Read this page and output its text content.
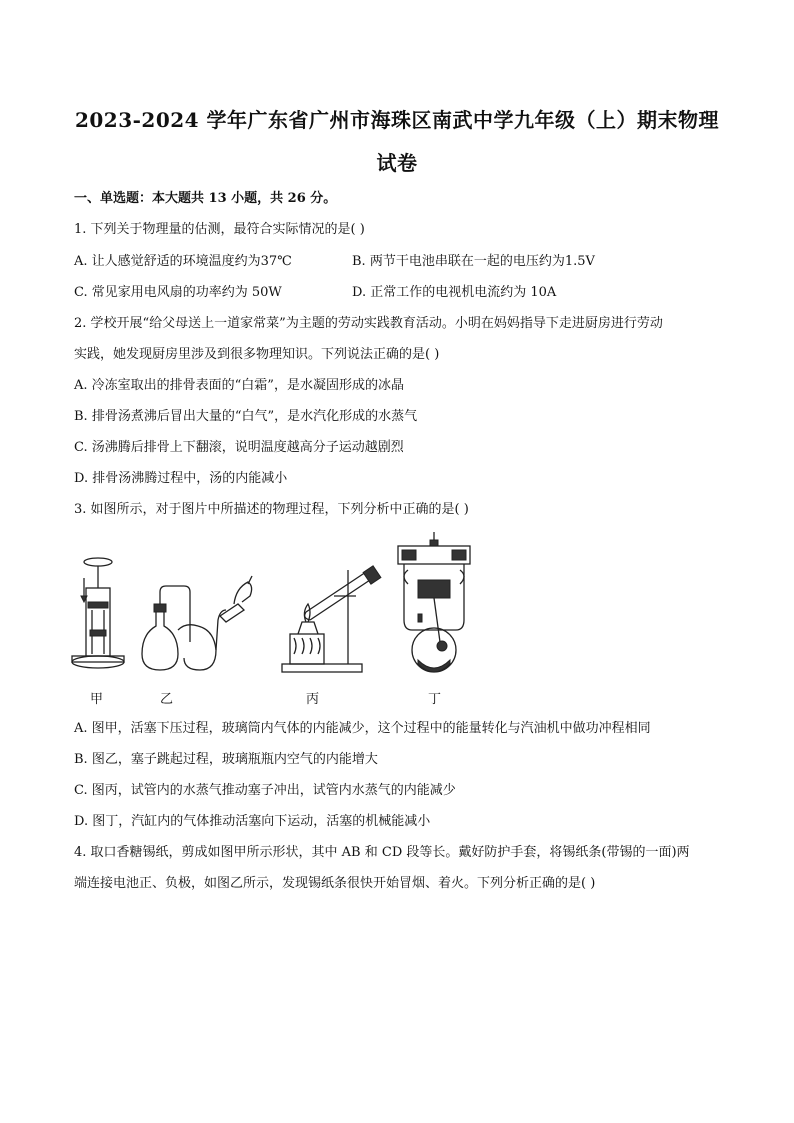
2023-2024 学年广东省广州市海珠区南武中学九年级（上）期末物理
试卷
一、单选题：本大题共 13 小题，共 26 分。
1. 下列关于物理量的估测，最符合实际情况的是( )
A. 让人感觉舒适的环境温度约为37℃	B. 两节干电池串联在一起的电压约为1.5V
C. 常见家用电风扇的功率约为 50W	D. 正常工作的电视机电流约为 10A
2. 学校开展“给父母送上一道家常菜”为主题的劳动实践教育活动。小明在妈妈指导下走进厨房进行劳动
实践，她发现厨房里涉及到很多物理知识。下列说法正确的是( )
A. 冷冻室取出的排骨表面的“白霜”，是水凝固形成的冰晶
B. 排骨汤煮沸后冒出大量的“白气”，是水汽化形成的水蒸气
C. 汤沸腾后排骨上下翻滚，说明温度越高分子运动越剧烈
D. 排骨汤沸腾过程中，汤的内能减小
3. 如图所示，对于图片中所描述的物理过程，下列分析中正确的是( )
甲	乙	丙	丁
A. 图甲，活塞下压过程，玻璃筒内气体的内能减少，这个过程中的能量转化与汽油机中做功冲程相同
B. 图乙，塞子跳起过程，玻璃瓶瓶内空气的内能增大
C. 图丙，试管内的水蒸气推动塞子冲出，试管内水蒸气的内能减少
D. 图丁，汽缸内的气体推动活塞向下运动，活塞的机械能减小
4. 取口香糖锡纸，剪成如图甲所示形状，其中 AB 和 CD 段等长。戴好防护手套，将锡纸条(带锡的一面)两
端连接电池正、负极，如图乙所示，发现锡纸条很快开始冒烟、着火。下列分析正确的是( )
